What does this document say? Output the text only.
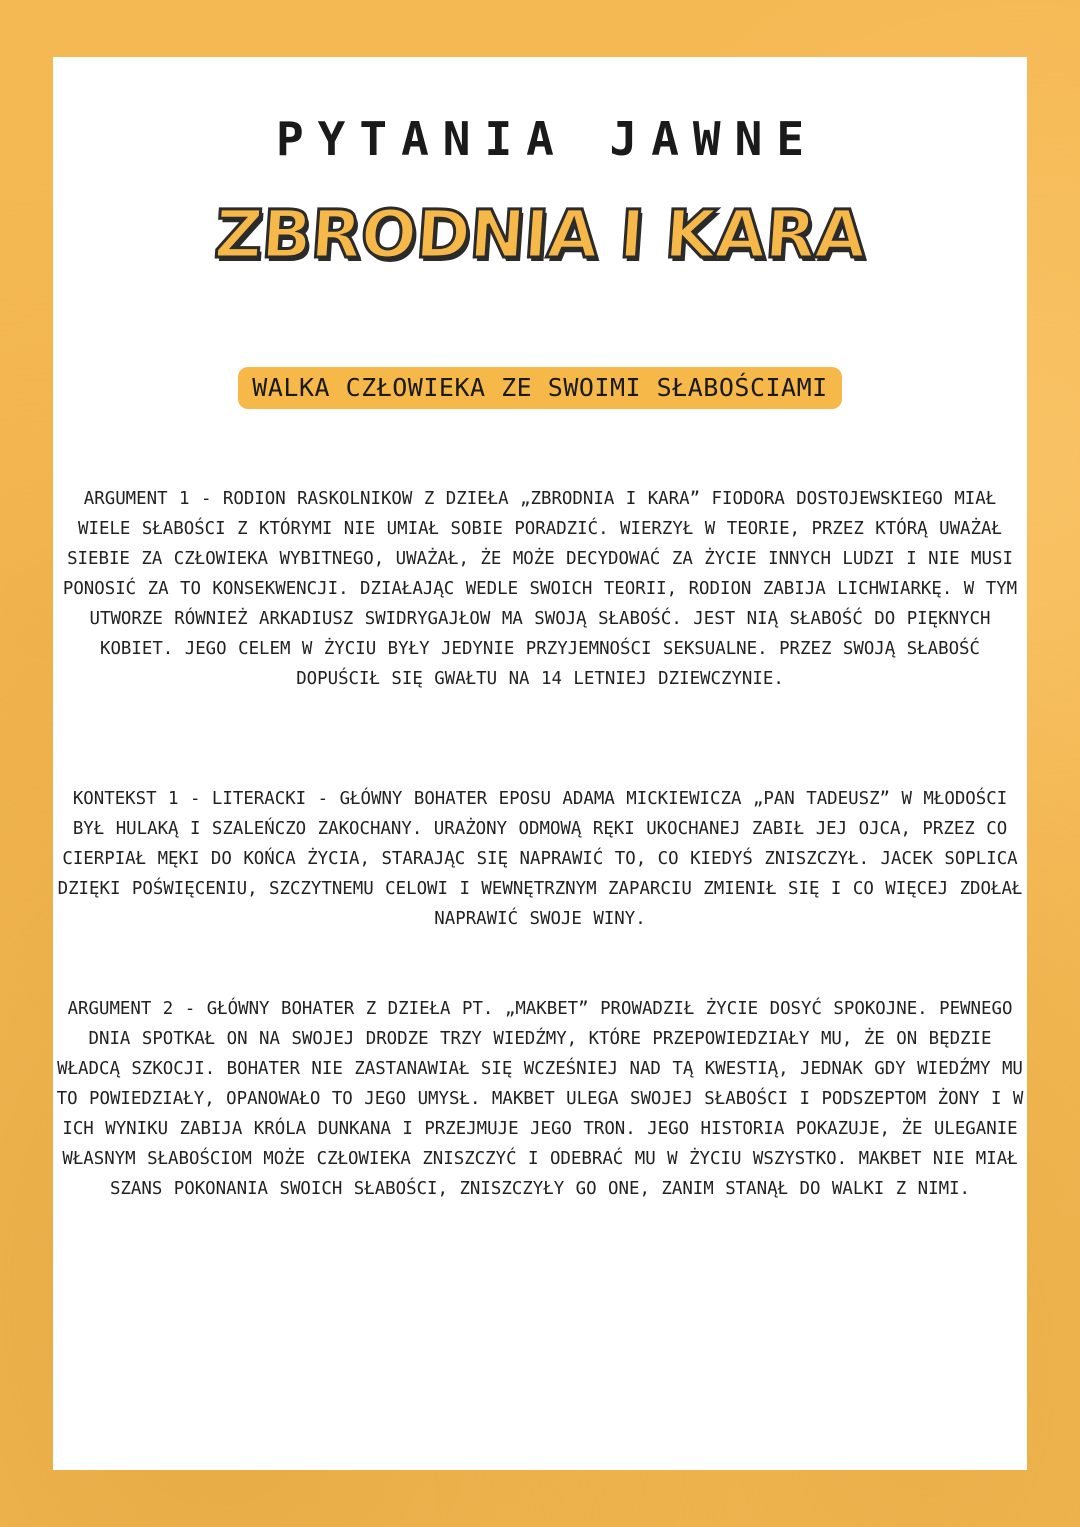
PYTANIA JAWNE
ZBRODNIA I KARA
WALKA CZŁOWIEKA ZE SWOIMI SŁABOŚCIAMI
ARGUMENT 1 - RODION RASKOLNIKOW Z DZIEŁA „ZBRODNIA I KARA” FIODORA DOSTOJEWSKIEGO MIAŁ WIELE SŁABOŚCI Z KTÓRYMI NIE UMIAŁ SOBIE PORADZIĆ. WIERZYŁ W TEORIE, PRZEZ KTÓRĄ UWAŻAŁ SIEBIE ZA CZŁOWIEKA WYBITNEGO, UWAŻAŁ, ŻE MOŻE DECYDOWAĆ ZA ŻYCIE INNYCH LUDZI I NIE MUSI PONOSIĆ ZA TO KONSEKWENCJI. DZIAŁAJĄC WEDLE SWOICH TEORII, RODION ZABIJA LICHWIARKĘ. W TYM UTWORZE RÓWNIEŻ ARKADIUSZ SWIDRYGAJŁOW MA SWOJĄ SŁABOŚĆ. JEST NIĄ SŁABOŚĆ DO PIĘKNYCH KOBIET. JEGO CELEM W ŻYCIU BYŁY JEDYNIE PRZYJEMNOŚCI SEKSUALNE. PRZEZ SWOJĄ SŁABOŚĆ DOPUŚCIŁ SIĘ GWAŁTU NA 14 LETNIEJ DZIEWCZYNIE.
KONTEKST 1 - LITERACKI - GŁÓWNY BOHATER EPOSU ADAMA MICKIEWICZA „PAN TADEUSZ” W MŁODOŚCI BYŁ HULAKĄ I SZALEŃCZO ZAKOCHANY. URAŻONY ODMOWĄ RĘKI UKOCHANEJ ZABIŁ JEJ OJCA, PRZEZ CO CIERPIAŁ MĘKI DO KOŃCA ŻYCIA, STARAJĄC SIĘ NAPRAWIĆ TO, CO KIEDYŚ ZNISZCZYŁ. JACEK SOPLICA DZIĘKI POŚWIĘCENIU, SZCZYTNEMU CELOWI I WEWNĘTRZNYM ZAPARCIU ZMIENIŁ SIĘ I CO WIĘCEJ ZDOŁAŁ NAPRAWIĆ SWOJE WINY.
ARGUMENT 2 - GŁÓWNY BOHATER Z DZIEŁA PT. „MAKBET” PROWADZIŁ ŻYCIE DOSYĆ SPOKOJNE. PEWNEGO DNIA SPOTKAŁ ON NA SWOJEJ DRODZE TRZY WIEDŹMY, KTÓRE PRZEPOWIEDZIAŁY MU, ŻE ON BĘDZIE WŁADCĄ SZKOCJI. BOHATER NIE ZASTANAWIAŁ SIĘ WCZEŚNIEJ NAD TĄ KWESTIĄ, JEDNAK GDY WIEDŹMY MU TO POWIEDZIAŁY, OPANOWAŁO TO JEGO UMYSŁ. MAKBET ULEGA SWOJEJ SŁABOŚCI I PODSZEPTOM ŻONY I W ICH WYNIKU ZABIJA KRÓLA DUNKANA I PRZEJMUJE JEGO TRON. JEGO HISTORIA POKAZUJE, ŻE ULEGANIE WŁASNYM SŁABOŚCIOM MOŻE CZŁOWIEKA ZNISZCZYĆ I ODEBRAĆ MU W ŻYCIU WSZYSTKO. MAKBET NIE MIAŁ SZANS POKONANIA SWOICH SŁABOŚCI, ZNISZCZYŁY GO ONE, ZANIM STANĄŁ DO WALKI Z NIMI.
